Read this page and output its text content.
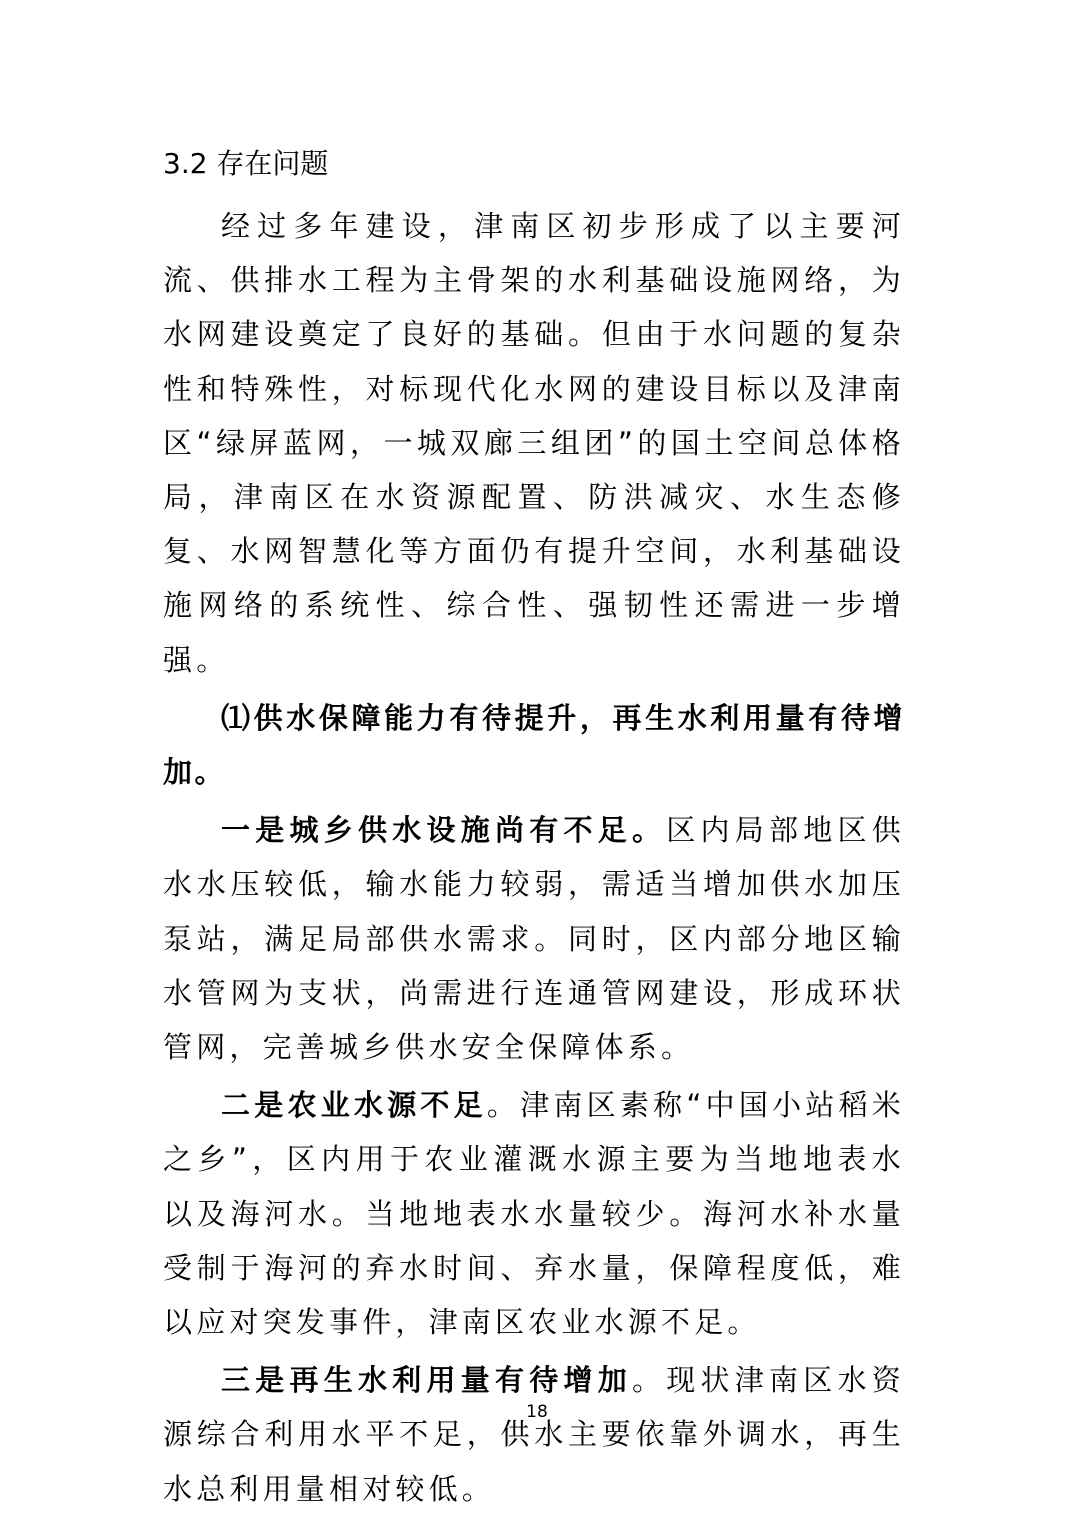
3.2 存在问题

经过多年建设，津南区初步形成了以主要河流、供排水工程为主骨架的水利基础设施网络，为水网建设奠定了良好的基础。但由于水问题的复杂性和特殊性，对标现代化水网的建设目标以及津南区“绿屏蓝网，一城双廊三组团”的国土空间总体格局，津南区在水资源配置、防洪减灾、水生态修复、水网智慧化等方面仍有提升空间，水利基础设施网络的系统性、综合性、强韧性还需进一步增强。

⑴供水保障能力有待提升，再生水利用量有待增加。

一是城乡供水设施尚有不足。区内局部地区供水水压较低，输水能力较弱，需适当增加供水加压泵站，满足局部供水需求。同时，区内部分地区输水管网为支状，尚需进行连通管网建设，形成环状管网，完善城乡供水安全保障体系。

二是农业水源不足。津南区素称“中国小站稻米之乡”，区内用于农业灌溉水源主要为当地地表水以及海河水。当地地表水水量较少。海河水补水量受制于海河的弃水时间、弃水量，保障程度低，难以应对突发事件，津南区农业水源不足。

三是再生水利用量有待增加。现状津南区水资源综合利用水平不足，供水主要依靠外调水，再生水总利用量相对较低。

18
